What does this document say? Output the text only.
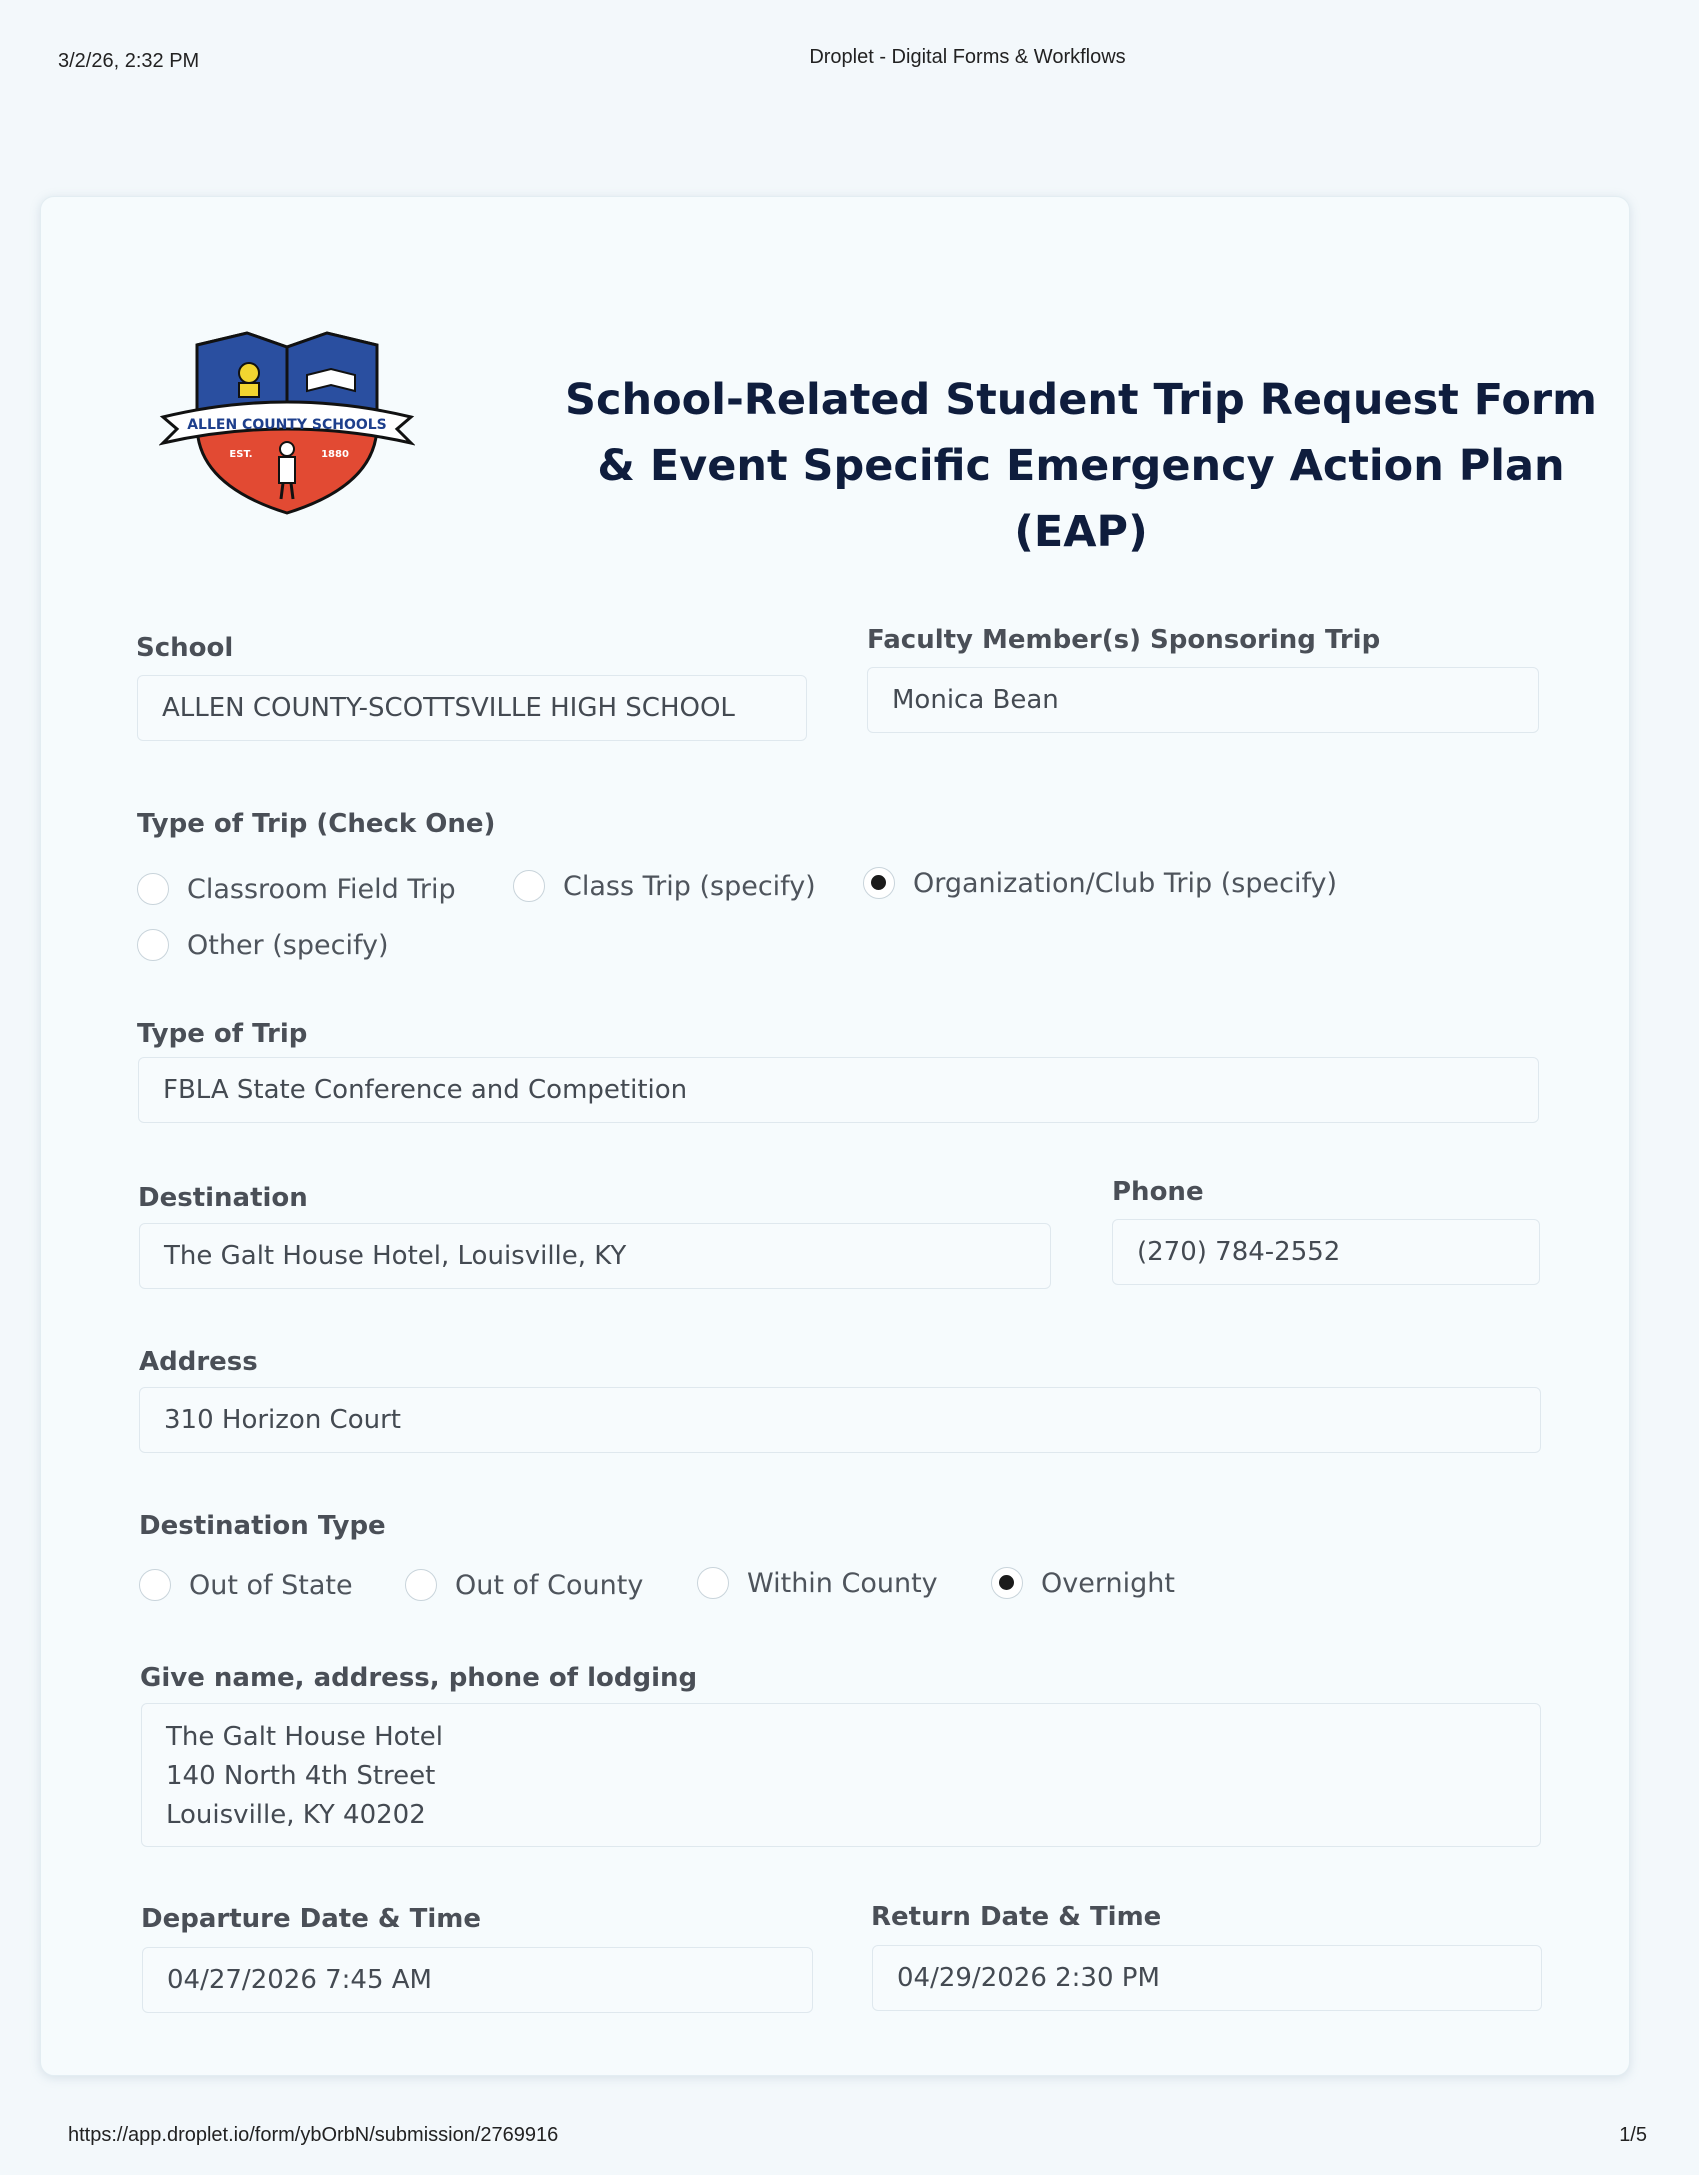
3/2/26, 2:32 PM	Droplet - Digital Forms & Workflows
ALLEN COUNTY SCHOOLS
EST.	1880
School-Related Student Trip Request Form
& Event Specific Emergency Action Plan
(EAP)
School
ALLEN COUNTY-SCOTTSVILLE HIGH SCHOOL
Faculty Member(s) Sponsoring Trip
Monica Bean
Type of Trip (Check One)
Classroom Field Trip	Class Trip (specify)	Organization/Club Trip (specify)
Other (specify)
Type of Trip
FBLA State Conference and Competition
Destination
The Galt House Hotel, Louisville, KY
Phone
(270) 784-2552
Address
310 Horizon Court
Destination Type
Out of State	Out of County	Within County	Overnight
Give name, address, phone of lodging
The Galt House Hotel
140 North 4th Street
Louisville, KY 40202
Departure Date & Time
04/27/2026 7:45 AM
Return Date & Time
04/29/2026 2:30 PM
https://app.droplet.io/form/ybOrbN/submission/2769916	1/5
